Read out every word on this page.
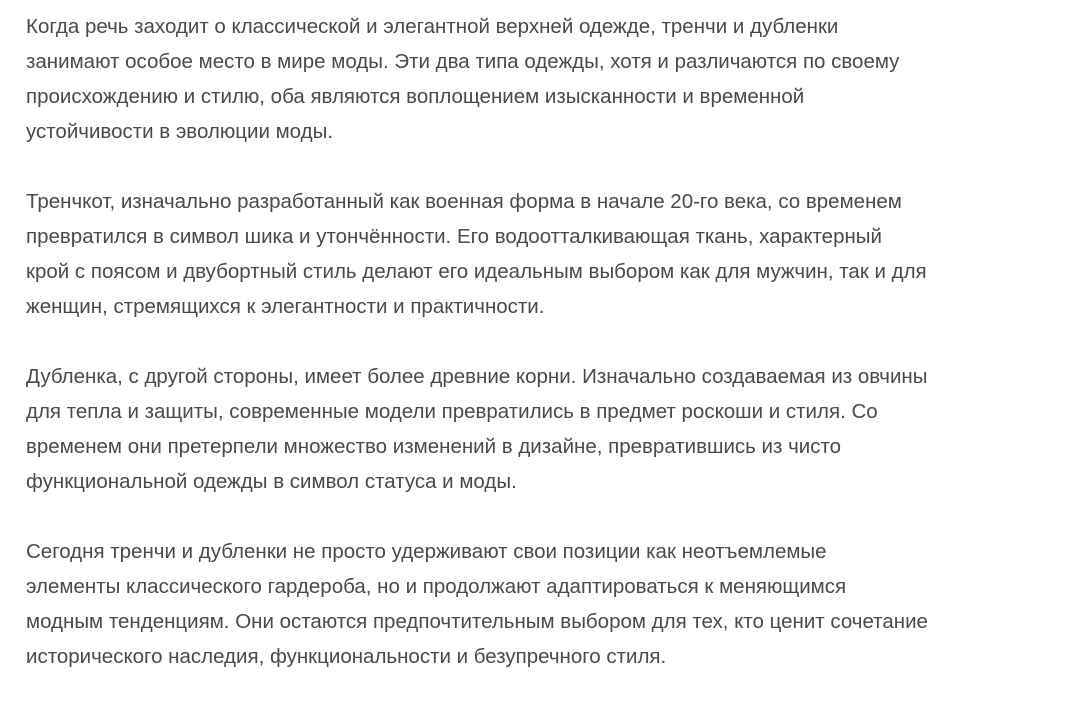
Когда речь заходит о классической и элегантной верхней одежде, тренчи и дубленки
занимают особое место в мире моды. Эти два типа одежды, хотя и различаются по своему
происхождению и стилю, оба являются воплощением изысканности и временной
устойчивости в эволюции моды.

Тренчкот, изначально разработанный как военная форма в начале 20-го века, со временем
превратился в символ шика и утончённости. Его водоотталкивающая ткань, характерный
крой с поясом и двубортный стиль делают его идеальным выбором как для мужчин, так и для
женщин, стремящихся к элегантности и практичности.

Дубленка, с другой стороны, имеет более древние корни. Изначально создаваемая из овчины
для тепла и защиты, современные модели превратились в предмет роскоши и стиля. Со
временем они претерпели множество изменений в дизайне, превратившись из чисто
функциональной одежды в символ статуса и моды.

Сегодня тренчи и дубленки не просто удерживают свои позиции как неотъемлемые
элементы классического гардероба, но и продолжают адаптироваться к меняющимся
модным тенденциям. Они остаются предпочтительным выбором для тех, кто ценит сочетание
исторического наследия, функциональности и безупречного стиля.
